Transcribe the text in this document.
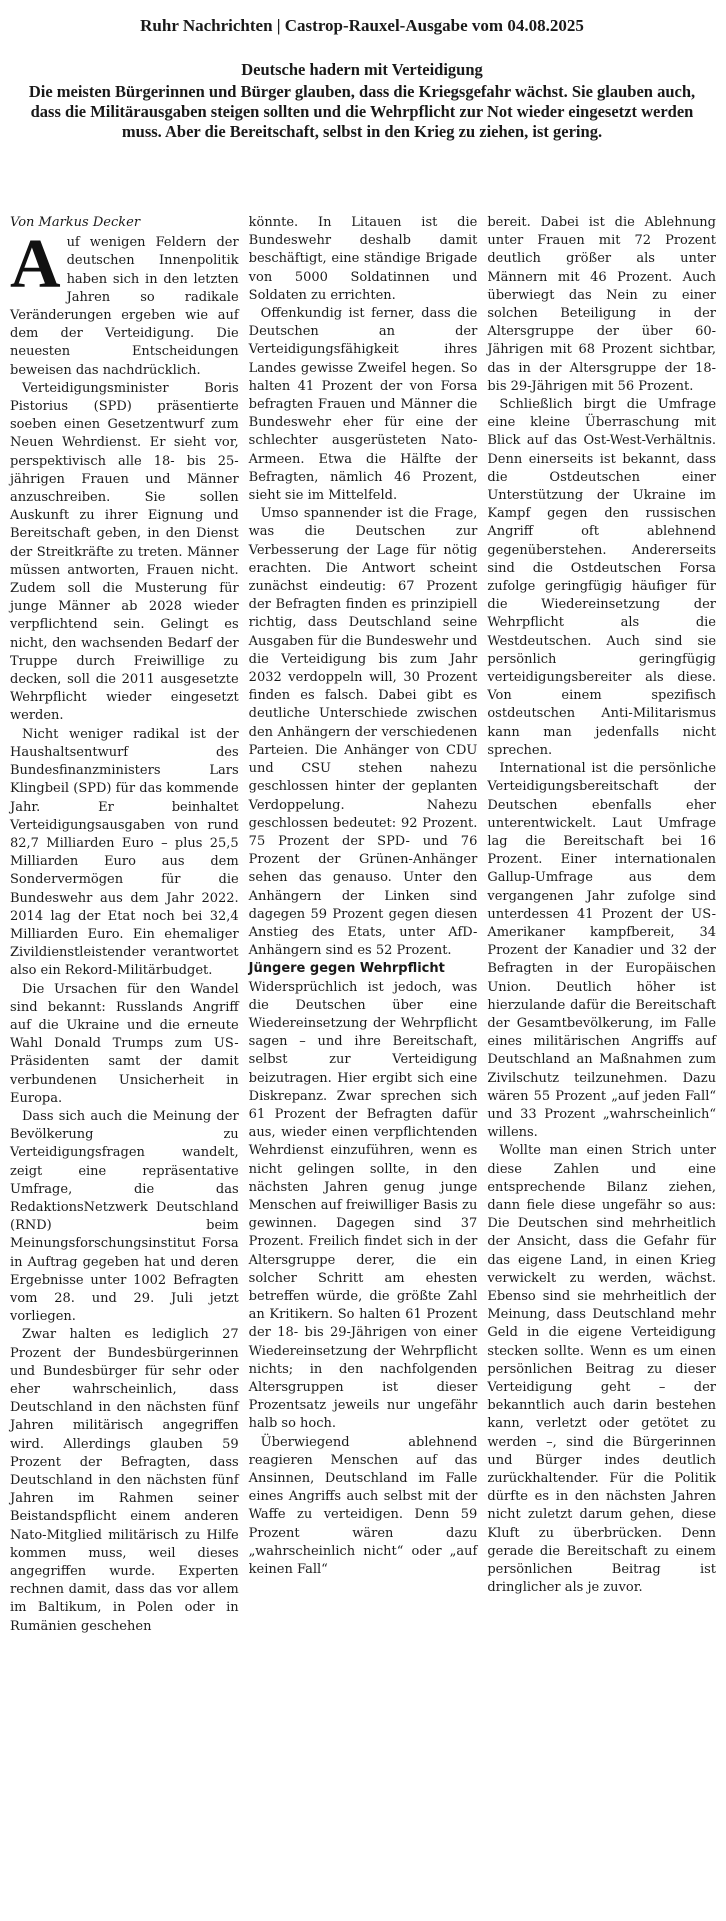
Ruhr Nachrichten | Castrop-Rauxel-Ausgabe vom 04.08.2025
Deutsche hadern mit Verteidigung
Die meisten Bürgerinnen und Bürger glauben, dass die Kriegsgefahr wächst. Sie glauben auch, dass die Militärausgaben steigen sollten und die Wehrpflicht zur Not wieder eingesetzt werden muss. Aber die Bereitschaft, selbst in den Krieg zu ziehen, ist gering.
Von Markus Decker

Auf wenigen Feldern der deutschen Innenpolitik haben sich in den letzten Jahren so radikale Veränderungen ergeben wie auf dem der Verteidigung. Die neuesten Entscheidungen beweisen das nachdrücklich.

Verteidigungsminister Boris Pistorius (SPD) präsentierte soeben einen Gesetzentwurf zum Neuen Wehrdienst. Er sieht vor, perspektivisch alle 18- bis 25-jährigen Frauen und Männer anzuschreiben. Sie sollen Auskunft zu ihrer Eignung und Bereitschaft geben, in den Dienst der Streitkräfte zu treten. Männer müssen antworten, Frauen nicht. Zudem soll die Musterung für junge Männer ab 2028 wieder verpflichtend sein. Gelingt es nicht, den wachsenden Bedarf der Truppe durch Freiwillige zu decken, soll die 2011 ausgesetzte Wehrpflicht wieder eingesetzt werden.

Nicht weniger radikal ist der Haushaltsentwurf des Bundesfinanzministers Lars Klingbeil (SPD) für das kommende Jahr. Er beinhaltet Verteidigungsausgaben von rund 82,7 Milliarden Euro – plus 25,5 Milliarden Euro aus dem Sondervermögen für die Bundeswehr aus dem Jahr 2022. 2014 lag der Etat noch bei 32,4 Milliarden Euro. Ein ehemaliger Zivildienstleistender verantwortet also ein Rekord-Militärbudget.

Die Ursachen für den Wandel sind bekannt: Russlands Angriff auf die Ukraine und die erneute Wahl Donald Trumps zum US-Präsidenten samt der damit verbundenen Unsicherheit in Europa.

Dass sich auch die Meinung der Bevölkerung zu Verteidigungsfragen wandelt, zeigt eine repräsentative Umfrage, die das RedaktionsNetzwerk Deutschland (RND) beim Meinungsforschungsinstitut Forsa in Auftrag gegeben hat und deren Ergebnisse unter 1002 Befragten vom 28. und 29. Juli jetzt vorliegen.

Zwar halten es lediglich 27 Prozent der Bundesbürgerinnen und Bundesbürger für sehr oder eher wahrscheinlich, dass Deutschland in den nächsten fünf Jahren militärisch angegriffen wird. Allerdings glauben 59 Prozent der Befragten, dass Deutschland in den nächsten fünf Jahren im Rahmen seiner Beistandspflicht einem anderen Nato-Mitglied militärisch zu Hilfe kommen muss, weil dieses angegriffen wurde. Experten rechnen damit, dass das vor allem im Baltikum, in Polen oder in Rumänien geschehen

könnte. In Litauen ist die Bundeswehr deshalb damit beschäftigt, eine ständige Brigade von 5000 Soldatinnen und Soldaten zu errichten.

Offenkundig ist ferner, dass die Deutschen an der Verteidigungsfähigkeit ihres Landes gewisse Zweifel hegen. So halten 41 Prozent der von Forsa befragten Frauen und Männer die Bundeswehr eher für eine der schlechter ausgerüsteten Nato-Armeen. Etwa die Hälfte der Befragten, nämlich 46 Prozent, sieht sie im Mittelfeld.

Umso spannender ist die Frage, was die Deutschen zur Verbesserung der Lage für nötig erachten. Die Antwort scheint zunächst eindeutig: 67 Prozent der Befragten finden es prinzipiell richtig, dass Deutschland seine Ausgaben für die Bundeswehr und die Verteidigung bis zum Jahr 2032 verdoppeln will, 30 Prozent finden es falsch. Dabei gibt es deutliche Unterschiede zwischen den Anhängern der verschiedenen Parteien. Die Anhänger von CDU und CSU stehen nahezu geschlossen hinter der geplanten Verdoppelung. Nahezu geschlossen bedeutet: 92 Prozent. 75 Prozent der SPD- und 76 Prozent der Grünen-Anhänger sehen das genauso. Unter den Anhängern der Linken sind dagegen 59 Prozent gegen diesen Anstieg des Etats, unter AfD-Anhängern sind es 52 Prozent.

Jüngere gegen Wehrpflicht

Widersprüchlich ist jedoch, was die Deutschen über eine Wiedereinsetzung der Wehrpflicht sagen – und ihre Bereitschaft, selbst zur Verteidigung beizutragen. Hier ergibt sich eine Diskrepanz. Zwar sprechen sich 61 Prozent der Befragten dafür aus, wieder einen verpflichtenden Wehrdienst einzuführen, wenn es nicht gelingen sollte, in den nächsten Jahren genug junge Menschen auf freiwilliger Basis zu gewinnen. Dagegen sind 37 Prozent. Freilich findet sich in der Altersgruppe derer, die ein solcher Schritt am ehesten betreffen würde, die größte Zahl an Kritikern. So halten 61 Prozent der 18- bis 29-Jährigen von einer Wiedereinsetzung der Wehrpflicht nichts; in den nachfolgenden Altersgruppen ist dieser Prozentsatz jeweils nur ungefähr halb so hoch.

Überwiegend ablehnend reagieren Menschen auf das Ansinnen, Deutschland im Falle eines Angriffs auch selbst mit der Waffe zu verteidigen. Denn 59 Prozent wären dazu „wahrscheinlich nicht“ oder „auf keinen Fall“

bereit. Dabei ist die Ablehnung unter Frauen mit 72 Prozent deutlich größer als unter Männern mit 46 Prozent. Auch überwiegt das Nein zu einer solchen Beteiligung in der Altersgruppe der über 60-Jährigen mit 68 Prozent sichtbar, das in der Altersgruppe der 18- bis 29-Jährigen mit 56 Prozent.

Schließlich birgt die Umfrage eine kleine Überraschung mit Blick auf das Ost-West-Verhältnis. Denn einerseits ist bekannt, dass die Ostdeutschen einer Unterstützung der Ukraine im Kampf gegen den russischen Angriff oft ablehnend gegenüberstehen. Andererseits sind die Ostdeutschen Forsa zufolge geringfügig häufiger für die Wiedereinsetzung der Wehrpflicht als die Westdeutschen. Auch sind sie persönlich geringfügig verteidigungsbereiter als diese. Von einem spezifisch ostdeutschen Anti-Militarismus kann man jedenfalls nicht sprechen.

International ist die persönliche Verteidigungsbereitschaft der Deutschen ebenfalls eher unterentwickelt. Laut Umfrage lag die Bereitschaft bei 16 Prozent. Einer internationalen Gallup-Umfrage aus dem vergangenen Jahr zufolge sind unterdessen 41 Prozent der US-Amerikaner kampfbereit, 34 Prozent der Kanadier und 32 der Befragten in der Europäischen Union. Deutlich höher ist hierzulande dafür die Bereitschaft der Gesamtbevölkerung, im Falle eines militärischen Angriffs auf Deutschland an Maßnahmen zum Zivilschutz teilzunehmen. Dazu wären 55 Prozent „auf jeden Fall“ und 33 Prozent „wahrscheinlich“ willens.

Wollte man einen Strich unter diese Zahlen und eine entsprechende Bilanz ziehen, dann fiele diese ungefähr so aus: Die Deutschen sind mehrheitlich der Ansicht, dass die Gefahr für das eigene Land, in einen Krieg verwickelt zu werden, wächst. Ebenso sind sie mehrheitlich der Meinung, dass Deutschland mehr Geld in die eigene Verteidigung stecken sollte. Wenn es um einen persönlichen Beitrag zu dieser Verteidigung geht – der bekanntlich auch darin bestehen kann, verletzt oder getötet zu werden –, sind die Bürgerinnen und Bürger indes deutlich zurückhaltender. Für die Politik dürfte es in den nächsten Jahren nicht zuletzt darum gehen, diese Kluft zu überbrücken. Denn gerade die Bereitschaft zu einem persönlichen Beitrag ist dringlicher als je zuvor.
